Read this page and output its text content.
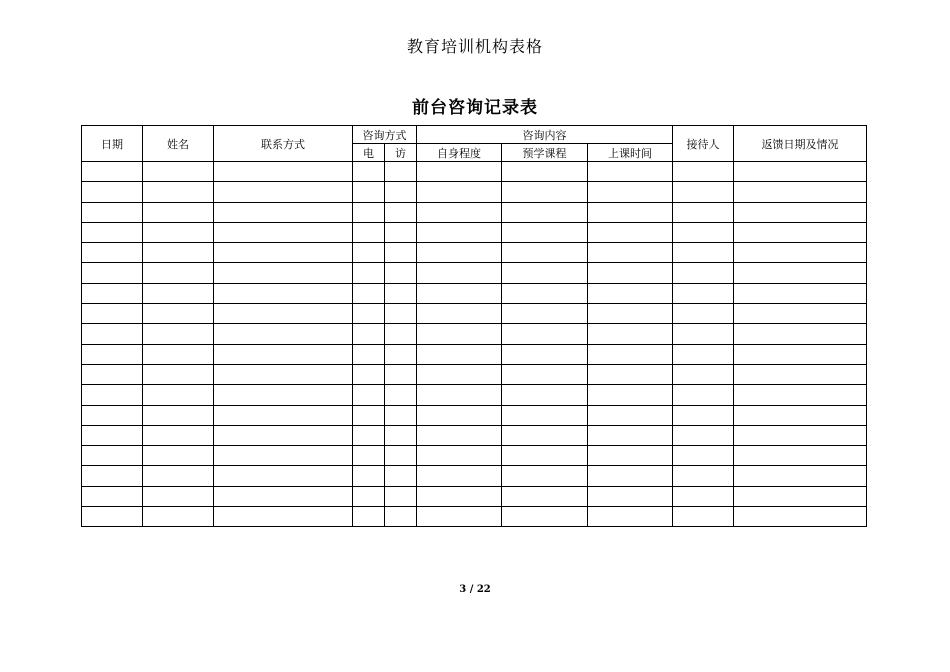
教育培训机构表格
前台咨询记录表
日期	姓名	联系方式	咨询方式		咨询内容			接待人	返馈日期及情况
			电	访	自身程度	预学课程	上课时间		

3 / 22
